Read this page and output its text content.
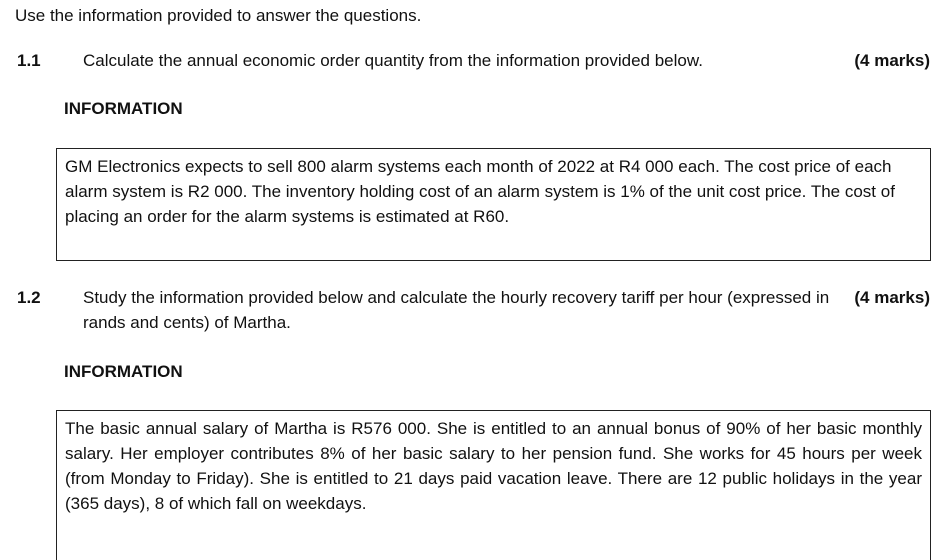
Use the information provided to answer the questions.
1.1 Calculate the annual economic order quantity from the information provided below.	(4 marks)
INFORMATION

GM Electronics expects to sell 800 alarm systems each month of 2022 at R4 000 each. The cost price of each alarm system is R2 000. The inventory holding cost of an alarm system is 1% of the unit cost price. The cost of placing an order for the alarm systems is estimated at R60.

1.2 Study the information provided below and calculate the hourly recovery tariff per hour (expressed in rands and cents) of Martha.
(4 marks)
INFORMATION

The basic annual salary of Martha is R576 000. She is entitled to an annual bonus of 90% of her basic monthly salary. Her employer contributes 8% of her basic salary to her pension fund. She works for 45 hours per week (from Monday to Friday). She is entitled to 21 days paid vacation leave. There are 12 public holidays in the year (365 days), 8 of which fall on weekdays.
